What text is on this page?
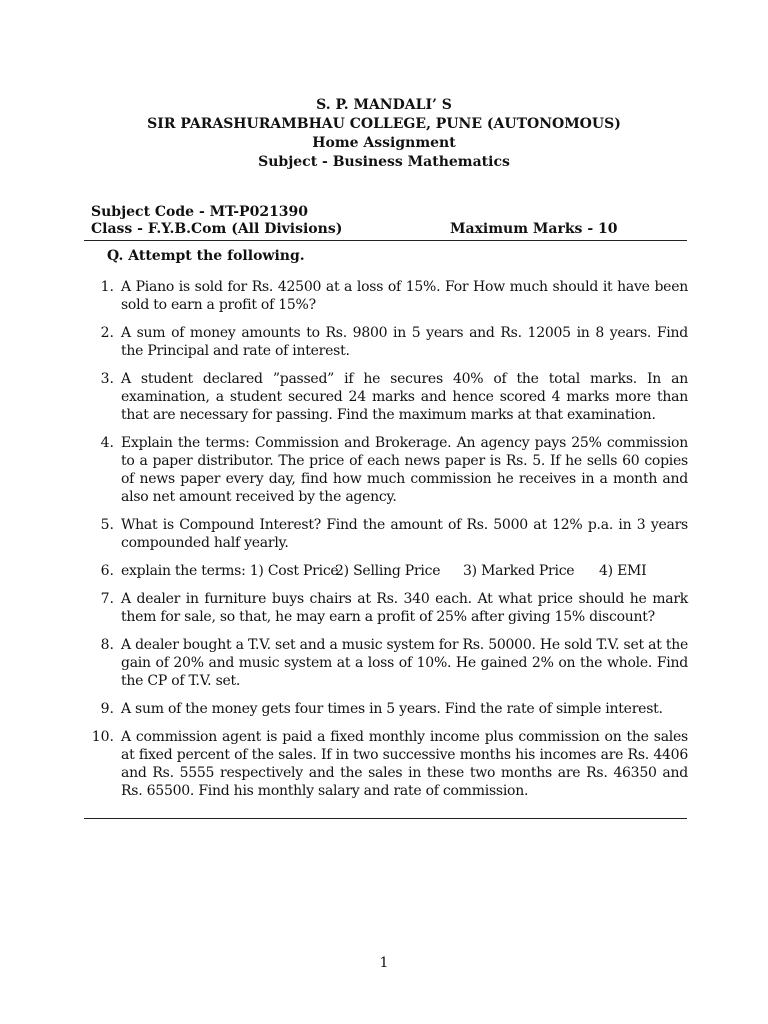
S. P. MANDALI’ S
SIR PARASHURAMBHAU COLLEGE, PUNE (AUTONOMOUS)
Home Assignment
Subject - Business Mathematics
Subject Code - MT-P021390
Class - F.Y.B.Com (All Divisions)	Maximum Marks - 10
Q. Attempt the following.
1. A Piano is sold for Rs. 42500 at a loss of 15%. For How much should it have been sold to earn a profit of 15%?
2. A sum of money amounts to Rs. 9800 in 5 years and Rs. 12005 in 8 years. Find the Principal and rate of interest.
3. A student declared ”passed” if he secures 40% of the total marks. In an examination, a student secured 24 marks and hence scored 4 marks more than that are necessary for passing. Find the maximum marks at that examination.
4. Explain the terms: Commission and Brokerage. An agency pays 25% commission to a paper distributor. The price of each news paper is Rs. 5. If he sells 60 copies of news paper every day, find how much commission he receives in a month and also net amount received by the agency.
5. What is Compound Interest? Find the amount of Rs. 5000 at 12% p.a. in 3 years compounded half yearly.
6. explain the terms: 1) Cost Price
2) Selling Price	3) Marked Price	4) EMI
7. A dealer in furniture buys chairs at Rs. 340 each. At what price should he mark them for sale, so that, he may earn a profit of 25% after giving 15% discount?
8. A dealer bought a T.V. set and a music system for Rs. 50000. He sold T.V. set at the gain of 20% and music system at a loss of 10%. He gained 2% on the whole. Find the CP of T.V. set.
9. A sum of the money gets four times in 5 years. Find the rate of simple interest.
10. A commission agent is paid a fixed monthly income plus commission on the sales at fixed percent of the sales. If in two successive months his incomes are Rs. 4406 and Rs. 5555 respectively and the sales in these two months are Rs. 46350 and Rs. 65500. Find his monthly salary and rate of commission.
1
